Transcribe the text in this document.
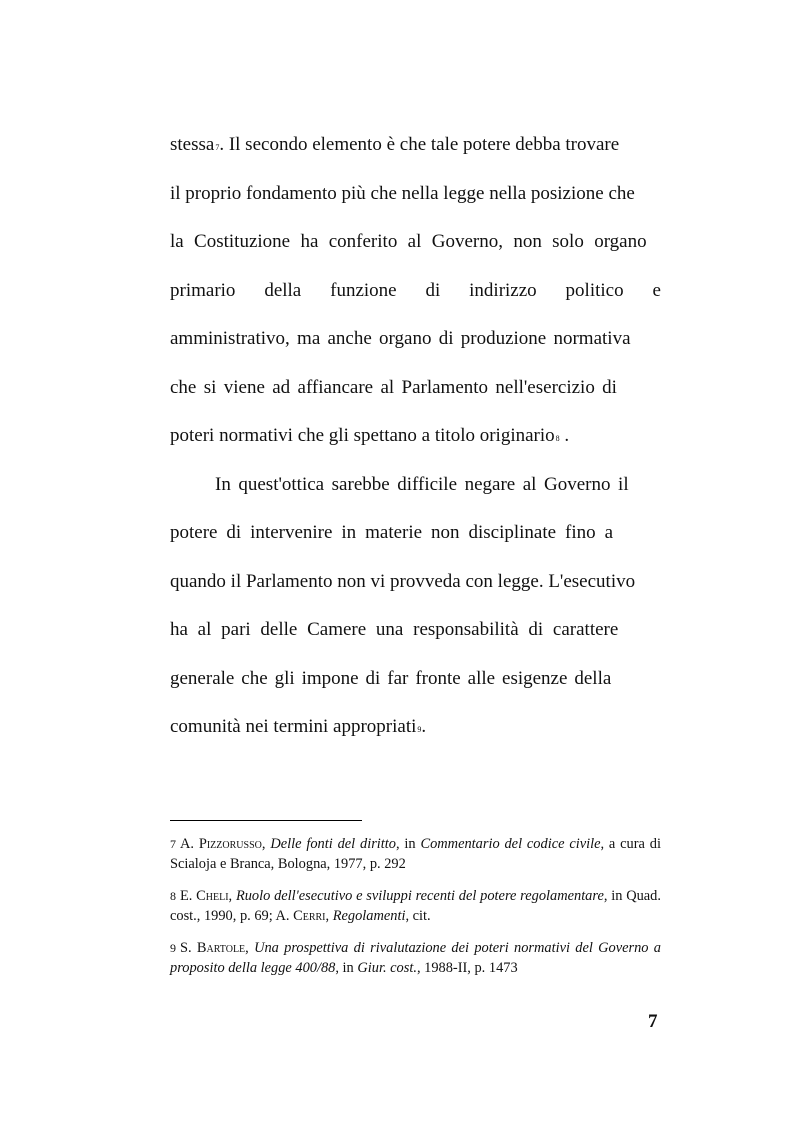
stessa7. Il secondo elemento è che tale potere debba trovare
il proprio fondamento più che nella legge nella posizione che
la Costituzione ha conferito al Governo, non solo organo
primario della funzione di indirizzo politico e
amministrativo, ma anche organo di produzione normativa
che si viene ad affiancare al Parlamento nell'esercizio di
poteri normativi che gli spettano a titolo originario8 .
In quest'ottica sarebbe difficile negare al Governo il
potere di intervenire in materie non disciplinate fino a
quando il Parlamento non vi provveda con legge. L'esecutivo
ha al pari delle Camere una responsabilità di carattere
generale che gli impone di far fronte alle esigenze della
comunità nei termini appropriati9.
7 A. Pizzorusso, Delle fonti del diritto, in Commentario del codice civile, a cura di Scialoja e Branca, Bologna, 1977, p. 292
8 E. Cheli, Ruolo dell'esecutivo e sviluppi recenti del potere regolamentare, in Quad. cost., 1990, p. 69; A. Cerri, Regolamenti, cit.
9 S. Bartole, Una prospettiva di rivalutazione dei poteri normativi del Governo a proposito della legge 400/88, in Giur. cost., 1988-II, p. 1473
7
